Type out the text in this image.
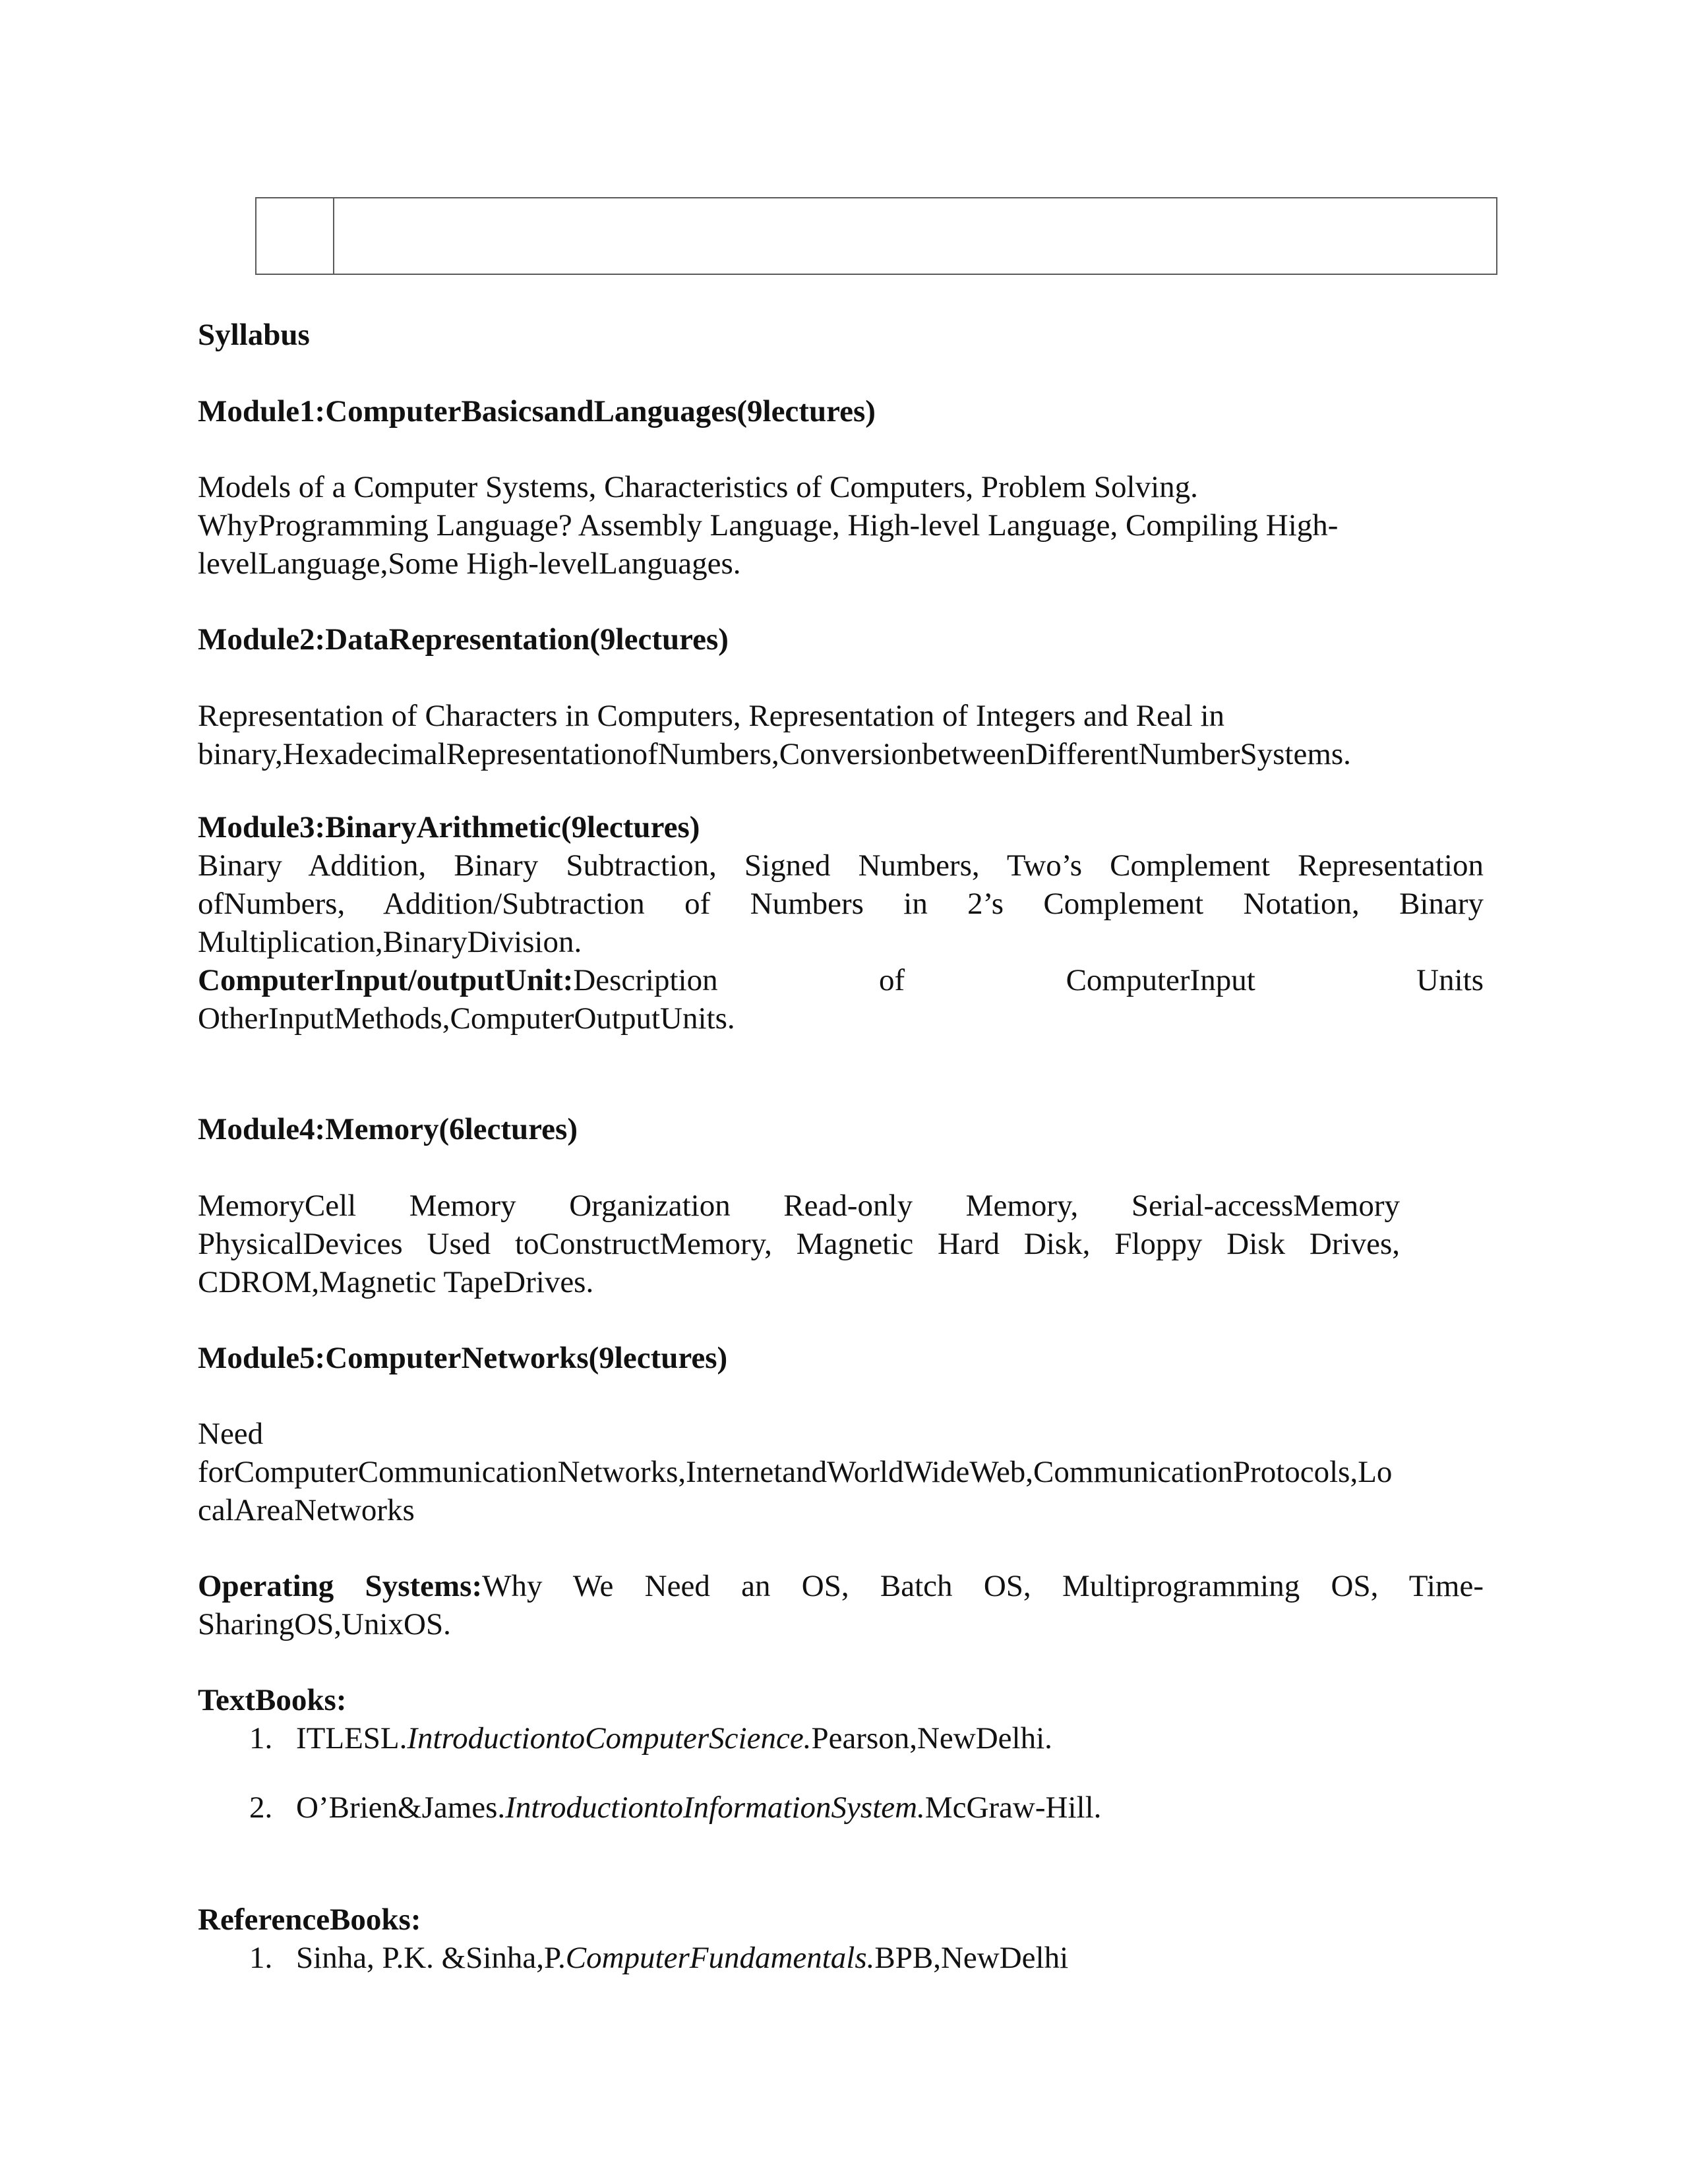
Syllabus
Module1:ComputerBasicsandLanguages(9lectures)
Models of a Computer Systems, Characteristics of Computers, Problem Solving.
WhyProgramming Language? Assembly Language, High-level Language, Compiling High-
levelLanguage,Some High-levelLanguages.
Module2:DataRepresentation(9lectures)
Representation of Characters in Computers, Representation of Integers and Real in
binary,HexadecimalRepresentationofNumbers,ConversionbetweenDifferentNumberSystems.
Module3:BinaryArithmetic(9lectures)
Binary Addition, Binary Subtraction, Signed Numbers, Two’s Complement Representation
ofNumbers, Addition/Subtraction of Numbers in 2’s Complement Notation, Binary
Multiplication,BinaryDivision.
ComputerInput/outputUnit:Description	of	ComputerInput	Units
OtherInputMethods,ComputerOutputUnits.
Module4:Memory(6lectures)
MemoryCell Memory Organization Read-only Memory, Serial-accessMemory
PhysicalDevices Used toConstructMemory, Magnetic Hard Disk, Floppy Disk Drives,
CDROM,Magnetic TapeDrives.
Module5:ComputerNetworks(9lectures)
Need
forComputerCommunicationNetworks,InternetandWorldWideWeb,CommunicationProtocols,Lo
calAreaNetworks
Operating Systems:Why We Need an OS, Batch OS, Multiprogramming OS, Time-
SharingOS,UnixOS.
TextBooks:
1. ITLESL.IntroductiontoComputerScience.Pearson,NewDelhi.
2. O’Brien&James.IntroductiontoInformationSystem.McGraw-Hill.
ReferenceBooks:
1. Sinha, P.K. &Sinha,P.ComputerFundamentals.BPB,NewDelhi
